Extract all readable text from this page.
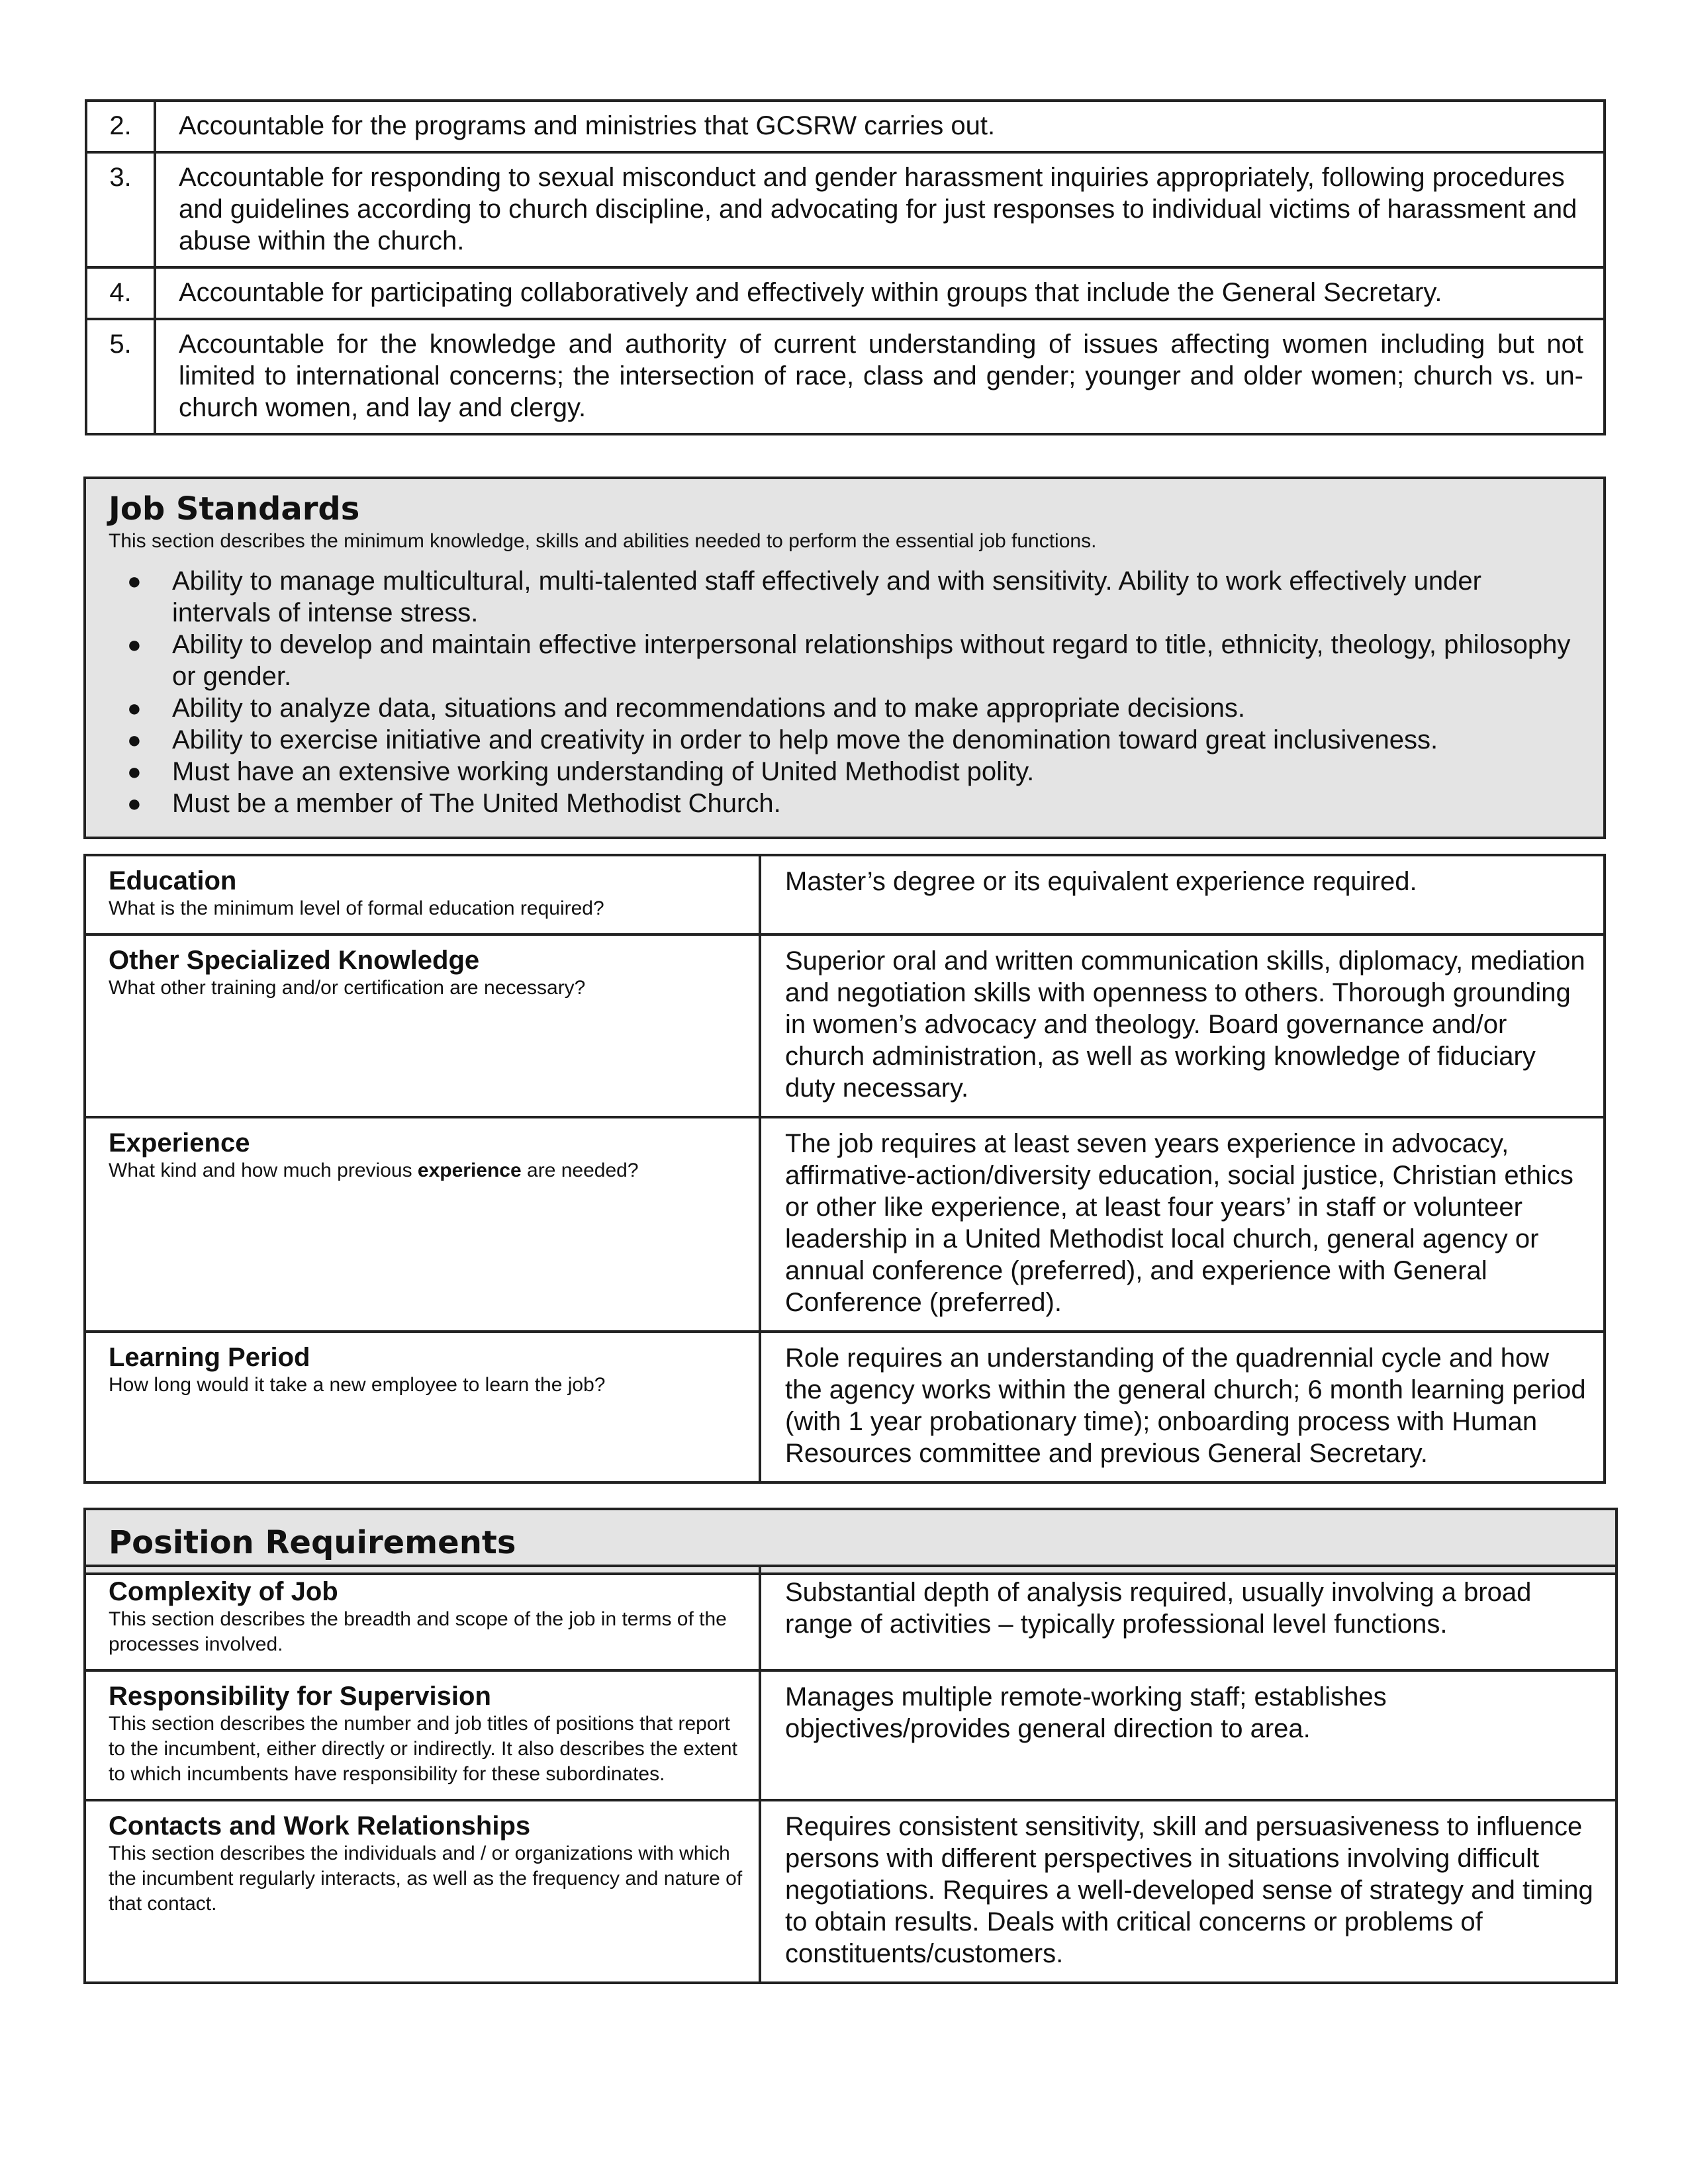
2.	Accountable for the programs and ministries that GCSRW carries out.
3.	Accountable for responding to sexual misconduct and gender harassment inquiries appropriately, following procedures and guidelines according to church discipline, and advocating for just responses to individual victims of harassment and abuse within the church.
4.	Accountable for participating collaboratively and effectively within groups that include the General Secretary.
5.	Accountable for the knowledge and authority of current understanding of issues affecting women including but not limited to international concerns; the intersection of race, class and gender; younger and older women; church vs. un-church women, and lay and clergy.
Job Standards
This section describes the minimum knowledge, skills and abilities needed to perform the essential job functions.
● Ability to manage multicultural, multi-talented staff effectively and with sensitivity. Ability to work effectively under intervals of intense stress.
● Ability to develop and maintain effective interpersonal relationships without regard to title, ethnicity, theology, philosophy or gender.
● Ability to analyze data, situations and recommendations and to make appropriate decisions.
● Ability to exercise initiative and creativity in order to help move the denomination toward great inclusiveness.
● Must have an extensive working understanding of United Methodist polity.
● Must be a member of The United Methodist Church.
Education
What is the minimum level of formal education required?	Master’s degree or its equivalent experience required.

Other Specialized Knowledge
What other training and/or certification are necessary?	Superior oral and written communication skills, diplomacy, mediation and negotiation skills with openness to others. Thorough grounding in women’s advocacy and theology. Board governance and/or church administration, as well as working knowledge of fiduciary duty necessary.

Experience
What kind and how much previous experience are needed?	The job requires at least seven years experience in advocacy, affirmative-action/diversity education, social justice, Christian ethics or other like experience, at least four years’ in staff or volunteer leadership in a United Methodist local church, general agency or annual conference (preferred), and experience with General Conference (preferred).

Learning Period
How long would it take a new employee to learn the job?	Role requires an understanding of the quadrennial cycle and how the agency works within the general church; 6 month learning period (with 1 year probationary time); onboarding process with Human Resources committee and previous General Secretary.
Position Requirements
Complexity of Job
This section describes the breadth and scope of the job in terms of the processes involved.	Substantial depth of analysis required, usually involving a broad range of activities – typically professional level functions.

Responsibility for Supervision
This section describes the number and job titles of positions that report to the incumbent, either directly or indirectly. It also describes the extent to which incumbents have responsibility for these subordinates.	Manages multiple remote-working staff; establishes objectives/provides general direction to area.

Contacts and Work Relationships
This section describes the individuals and / or organizations with which the incumbent regularly interacts, as well as the frequency and nature of that contact.	Requires consistent sensitivity, skill and persuasiveness to influence persons with different perspectives in situations involving difficult negotiations. Requires a well-developed sense of strategy and timing to obtain results. Deals with critical concerns or problems of constituents/customers.
